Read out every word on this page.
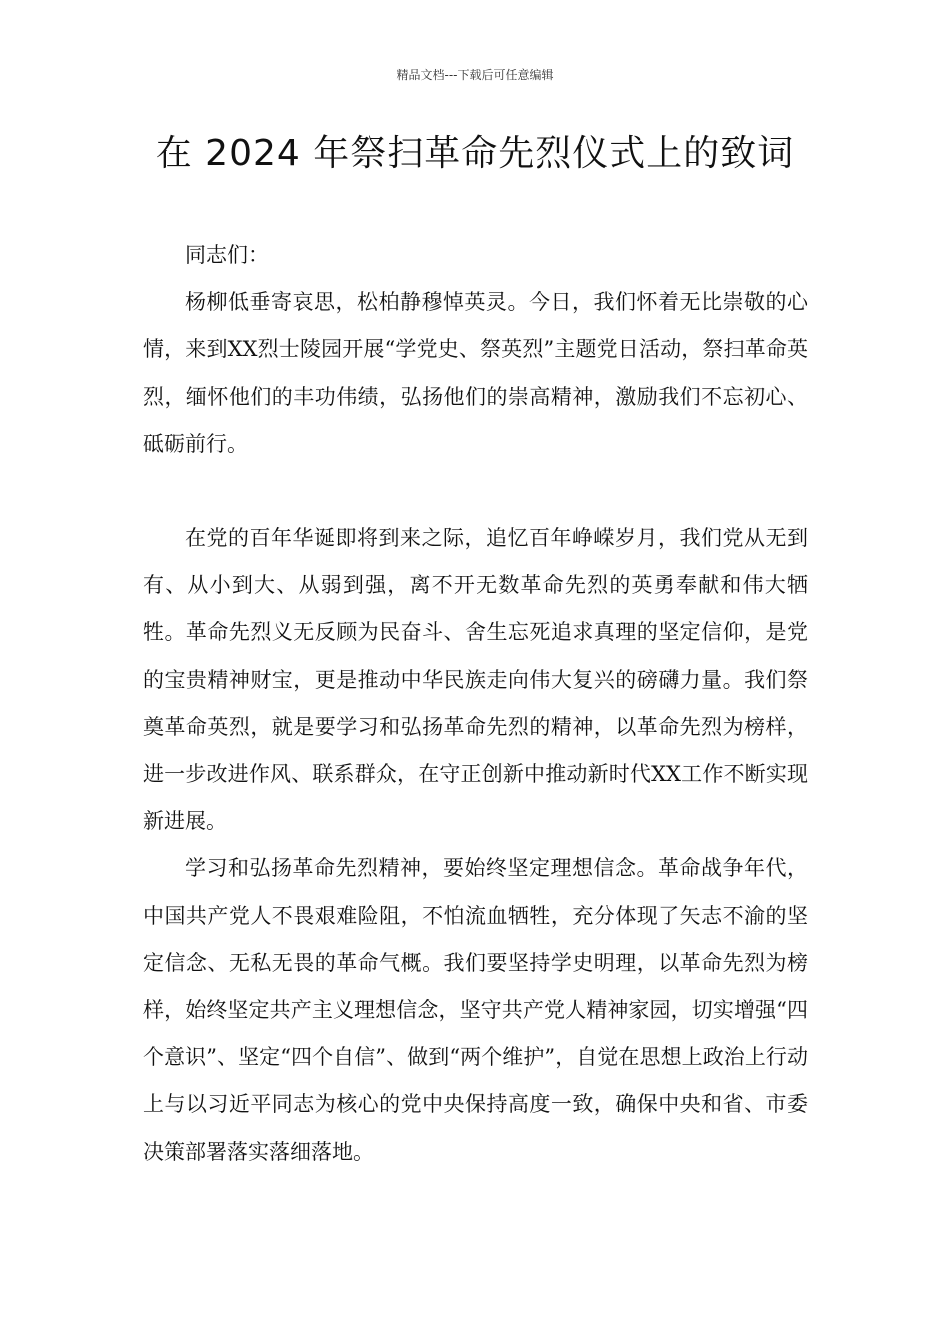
精品文档---下载后可任意编辑
在 2024 年祭扫革命先烈仪式上的致词

同志们：

杨柳低垂寄哀思，松柏静穆悼英灵。今日，我们怀着无比崇敬的心情，来到XX烈士陵园开展“学党史、祭英烈”主题党日活动，祭扫革命英烈，缅怀他们的丰功伟绩，弘扬他们的崇高精神，激励我们不忘初心、砥砺前行。

在党的百年华诞即将到来之际，追忆百年峥嵘岁月，我们党从无到有、从小到大、从弱到强，离不开无数革命先烈的英勇奉献和伟大牺牲。革命先烈义无反顾为民奋斗、舍生忘死追求真理的坚定信仰，是党的宝贵精神财宝，更是推动中华民族走向伟大复兴的磅礴力量。我们祭奠革命英烈，就是要学习和弘扬革命先烈的精神，以革命先烈为榜样，进一步改进作风、联系群众，在守正创新中推动新时代XX工作不断实现新进展。

学习和弘扬革命先烈精神，要始终坚定理想信念。革命战争年代，中国共产党人不畏艰难险阻，不怕流血牺牲，充分体现了矢志不渝的坚定信念、无私无畏的革命气概。我们要坚持学史明理，以革命先烈为榜样，始终坚定共产主义理想信念，坚守共产党人精神家园，切实增强“四个意识”、坚定“四个自信”、做到“两个维护”，自觉在思想上政治上行动上与以习近平同志为核心的党中央保持高度一致，确保中央和省、市委决策部署落实落细落地。
